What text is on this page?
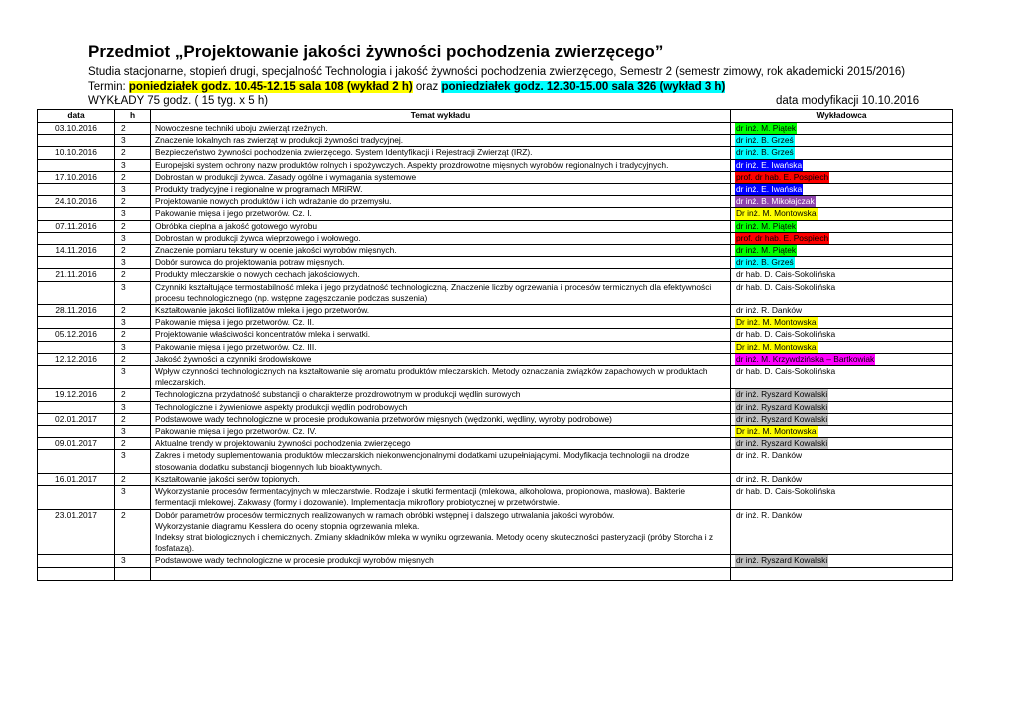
Przedmiot „Projektowanie jakości żywności pochodzenia zwierzęcego”
Studia stacjonarne, stopień drugi, specjalność Technologia i jakość żywności pochodzenia zwierzęcego, Semestr 2 (semestr zimowy, rok akademicki 2015/2016)
Termin: poniedziałek godz. 10.45-12.15 sala 108 (wykład 2 h) oraz poniedziałek godz. 12.30-15.00 sala 326 (wykład 3 h)
WYKŁADY 75 godz. ( 15 tyg. x 5 h)	data modyfikacji 10.10.2016
data	h	Temat wykładu	Wykładowca
03.10.2016	2	Nowoczesne techniki uboju zwierząt rzeźnych.	dr inż. M. Piątek
	3	Znaczenie lokalnych ras zwierząt w produkcji żywności tradycyjnej.	dr inż. B. Grześ
10.10.2016	2	Bezpieczeństwo żywności pochodzenia zwierzęcego. System Identyfikacji i Rejestracji Zwierząt (IRZ).	dr inż. B. Grześ
	3	Europejski system ochrony nazw produktów rolnych i spożywczych. Aspekty prozdrowotne mięsnych wyrobów regionalnych i tradycyjnych.	dr inż. E. Iwańska
17.10.2016	2	Dobrostan w produkcji żywca. Zasady ogólne i wymagania systemowe	prof. dr hab. E. Pospiech
	3	Produkty tradycyjne i regionalne w programach MRiRW.	dr inż. E. Iwańska
24.10.2016	2	Projektowanie nowych produktów i ich wdrażanie do przemysłu.	dr inż. B. Mikołajczak
	3	Pakowanie mięsa i jego przetworów. Cz. I.	Dr inż. M. Montowska
07.11.2016	2	Obróbka cieplna a jakość gotowego wyrobu	dr inż. M. Piątek
	3	Dobrostan w produkcji żywca wieprzowego i wołowego.	prof. dr hab. E. Pospiech
14.11.2016	2	Znaczenie pomiaru tekstury w ocenie jakości wyrobów mięsnych.	dr inż. M. Piątek
	3	Dobór surowca do projektowania potraw mięsnych.	dr inż. B. Grześ
21.11.2016	2	Produkty mleczarskie o nowych cechach jakościowych.	dr hab. D. Cais-Sokolińska
	3	Czynniki kształtujące termostabilność mleka i jego przydatność technologiczną. Znaczenie liczby ogrzewania i procesów termicznych dla efektywności procesu technologicznego (np. wstępne zagęszczanie podczas suszenia)	dr hab. D. Cais-Sokolińska
28.11.2016	2	Kształtowanie jakości liofilizatów mleka i jego przetworów.	dr inż. R. Danków
	3	Pakowanie mięsa i jego przetworów. Cz. II.	Dr inż. M. Montowska
05.12.2016	2	Projektowanie właściwości koncentratów mleka i serwatki.	dr hab. D. Cais-Sokolińska
	3	Pakowanie mięsa i jego przetworów. Cz. III.	Dr inż. M. Montowska
12.12.2016	2	Jakość żywności a czynniki środowiskowe	dr inż. M. Krzywdzińska – Bartkowiak
	3	Wpływ czynności technologicznych na kształtowanie się aromatu produktów mleczarskich. Metody oznaczania związków zapachowych w produktach mleczarskich.	dr hab. D. Cais-Sokolińska
19.12.2016	2	Technologiczna przydatność substancji o charakterze prozdrowotnym w produkcji wędlin surowych	dr inż. Ryszard Kowalski
	3	Technologiczne i żywieniowe aspekty produkcji wędlin podrobowych	dr inż. Ryszard Kowalski
02.01.2017	2	Podstawowe wady technologiczne w procesie produkowania przetworów mięsnych (wędzonki, wędliny, wyroby podrobowe)	dr inż. Ryszard Kowalski
	3	Pakowanie mięsa i jego przetworów. Cz. IV.	Dr inż. M. Montowska
09.01.2017	2	Aktualne trendy w projektowaniu żywności pochodzenia zwierzęcego	dr inż. Ryszard Kowalski
	3	Zakres i metody suplementowania produktów mleczarskich niekonwencjonalnymi dodatkami uzupełniającymi. Modyfikacja technologii na drodze stosowania dodatku substancji biogennych lub bioaktywnych.	dr inż. R. Danków
16.01.2017	2	Kształtowanie jakości serów topionych.	dr inż. R. Danków
	3	Wykorzystanie procesów fermentacyjnych w mleczarstwie. Rodzaje i skutki fermentacji (mlekowa, alkoholowa, propionowa, masłowa). Bakterie fermentacji mlekowej. Zakwasy (formy i dozowanie). Implementacja mikroflory probiotycznej w przetwórstwie.	dr hab. D. Cais-Sokolińska
23.01.2017	2	Dobór parametrów procesów termicznych realizowanych w ramach obróbki wstępnej i dalszego utrwalania jakości wyrobów.
Wykorzystanie diagramu Kesslera do oceny stopnia ogrzewania mleka.
Indeksy strat biologicznych i chemicznych. Zmiany składników mleka w wyniku ogrzewania. Metody oceny skuteczności pasteryzacji (próby Storcha i z fosfatazą).	dr inż. R. Danków
	3	Podstawowe wady technologiczne w procesie produkcji wyrobów mięsnych	dr inż. Ryszard Kowalski
